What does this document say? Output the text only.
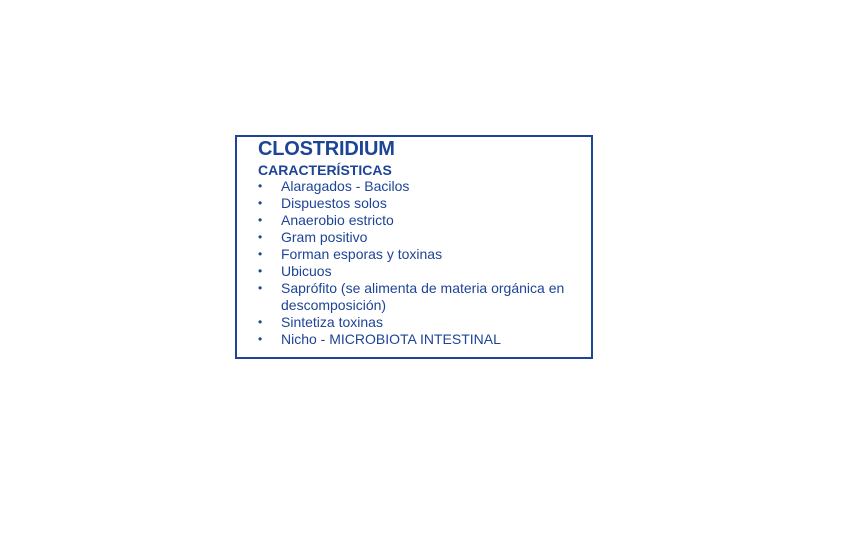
CLOSTRIDIUM
CARACTERÍSTICAS
•	Alaragados - Bacilos
•	Dispuestos solos
•	Anaerobio estricto
•	Gram positivo
•	Forman esporas y toxinas
•	Ubicuos
•	Saprófito (se alimenta de materia orgánica en descomposición)
•	Sintetiza toxinas
•	Nicho - MICROBIOTA INTESTINAL
